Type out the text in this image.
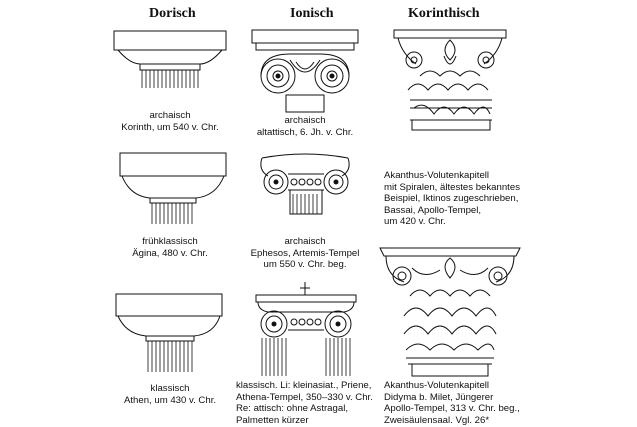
Dorisch	Ionisch	Korinthisch
archaisch
Korinth, um 540 v. Chr.
frühklassisch
Ägina, 480 v. Chr.
klassisch
Athen, um 430 v. Chr.
archaisch
altattisch, 6. Jh. v. Chr.
archaisch
Ephesos, Artemis-Tempel
um 550 v. Chr. beg.
klassisch. Li: kleinasiat., Priene,
Athena-Tempel, 350–330 v. Chr.
Re: attisch: ohne Astragal,
Palmetten kürzer
Akanthus-Volutenkapitell
mit Spiralen, ältestes bekanntes
Beispiel, Iktinos zugeschrieben,
Bassai, Apollo-Tempel,
um 420 v. Chr.
Akanthus-Volutenkapitell
Didyma b. Milet, Jüngerer
Apollo-Tempel, 313 v. Chr. beg.,
Zweisäulensaal. Vgl. 26*
